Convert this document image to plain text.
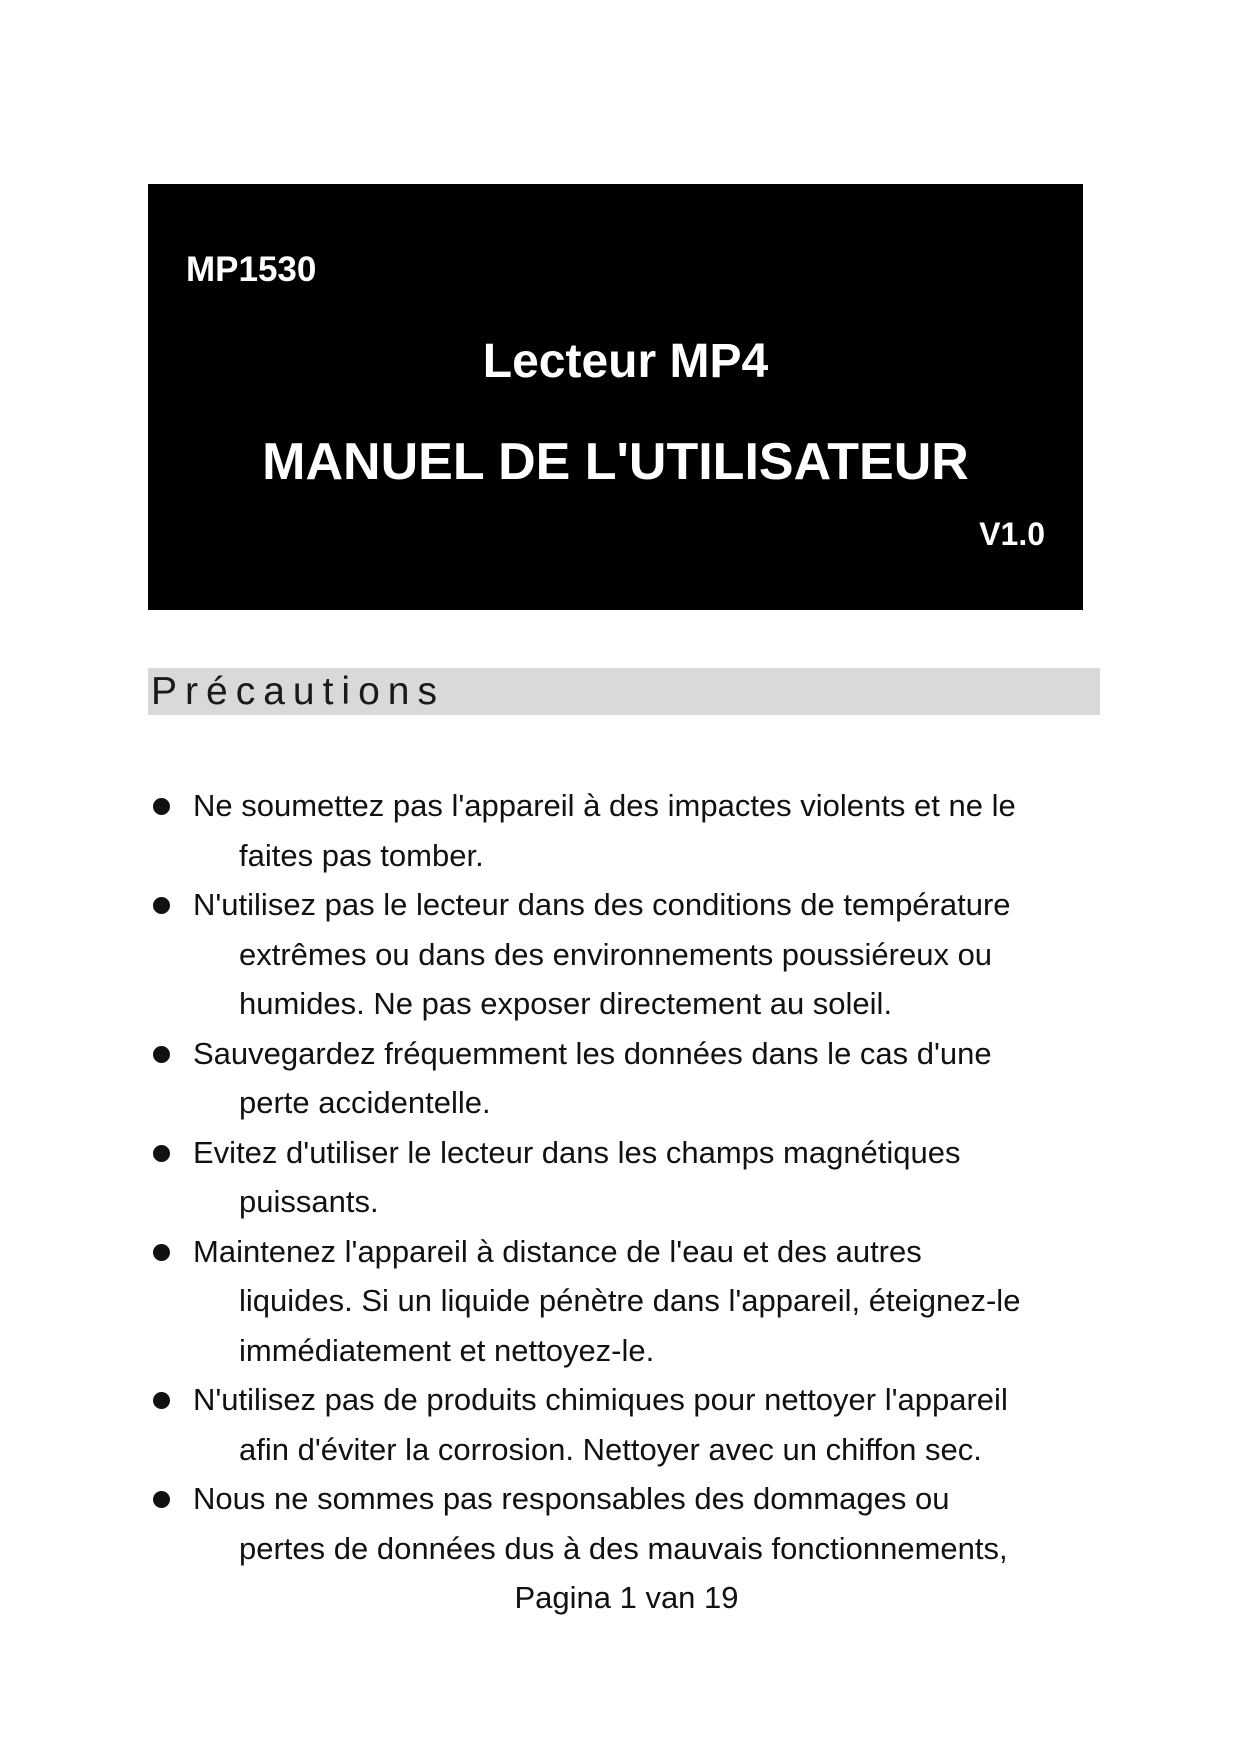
MP1530
Lecteur MP4
MANUEL DE L'UTILISATEUR
V1.0
Précautions
Ne soumettez pas l'appareil à des impactes violents et ne le
faites pas tomber.
N'utilisez pas le lecteur dans des conditions de température
extrêmes ou dans des environnements poussiéreux ou
humides. Ne pas exposer directement au soleil.
Sauvegardez fréquemment les données dans le cas d'une
perte accidentelle.
Evitez d'utiliser le lecteur dans les champs magnétiques
puissants.
Maintenez l'appareil à distance de l'eau et des autres
liquides. Si un liquide pénètre dans l'appareil, éteignez-le
immédiatement et nettoyez-le.
N'utilisez pas de produits chimiques pour nettoyer l'appareil
afin d'éviter la corrosion. Nettoyer avec un chiffon sec.
Nous ne sommes pas responsables des dommages ou
pertes de données dus à des mauvais fonctionnements,
Pagina 1 van 19
